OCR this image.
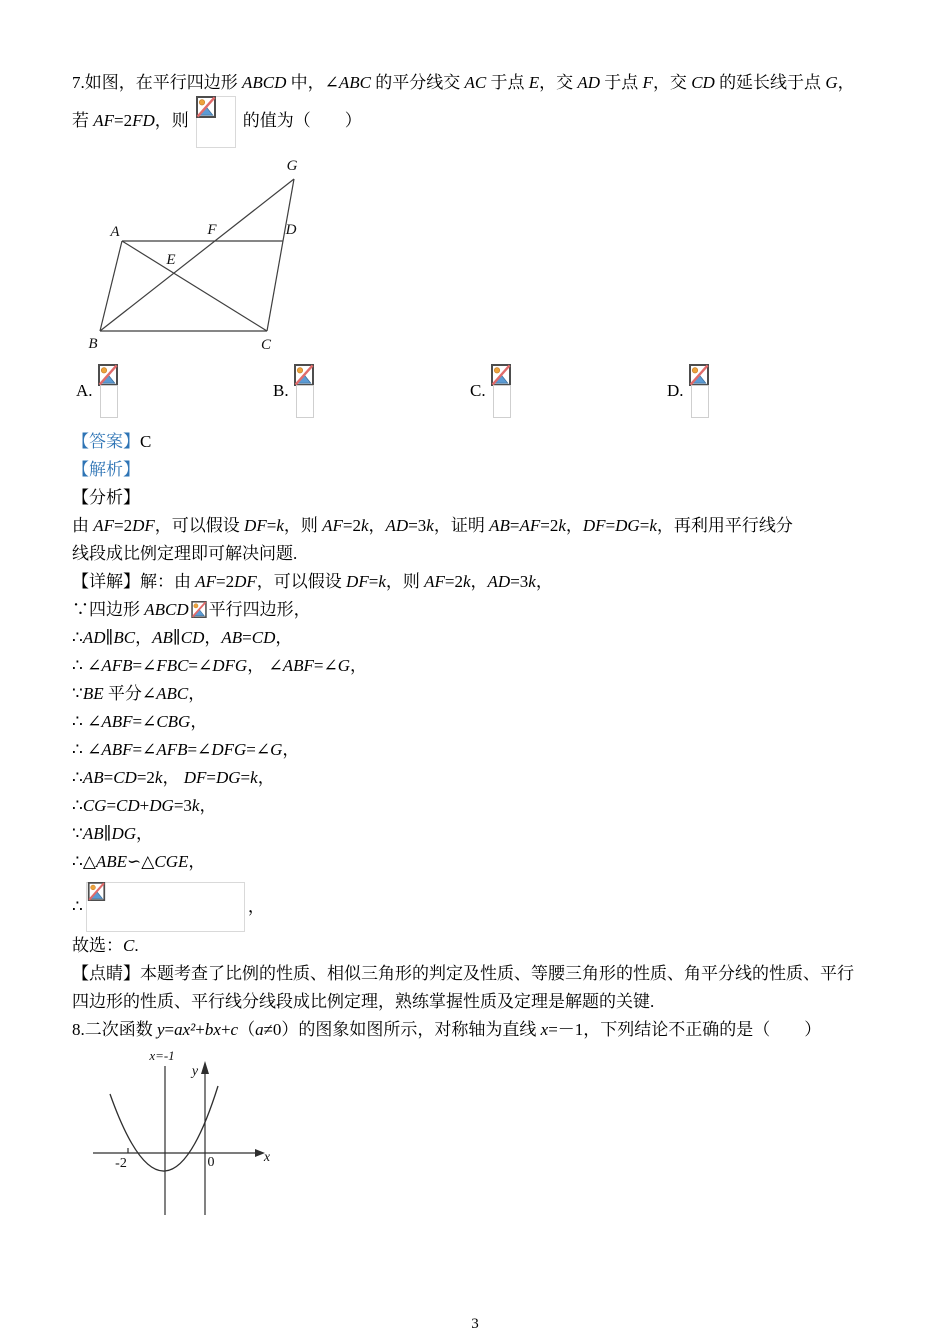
7.如图，在平行四边形 ABCD 中，∠ABC 的平分线交 AC 于点 E，交 AD 于点 F，交 CD 的延长线于点 G，

若 AF=2FD，则	的值为（　　）

A
B	C
D
E
F
G
A.	B.	C.	D.

【答案】C

【解析】

【分析】

由 AF=2DF，可以假设 DF=k，则 AF=2k，AD=3k，证明 AB=AF=2k，DF=DG=k，再利用平行线分

线段成比例定理即可解决问题.

【详解】解：由 AF=2DF，可以假设 DF=k，则 AF=2k，AD=3k，

∵四边形 ABCD 平行四边形，

∴AD∥BC，AB∥CD，AB=CD，

∴ ∠AFB=∠FBC=∠DFG， ∠ABF=∠G，

∵BE 平分∠ABC，

∴ ∠ABF=∠CBG，

∴ ∠ABF=∠AFB=∠DFG=∠G，

∴AB=CD=2k， DF=DG=k，

∴CG=CD+DG=3k，

∵AB∥DG，

∴△ABE∽△CGE，

∴	，

故选：C.

【点睛】本题考查了比例的性质、相似三角形的判定及性质、等腰三角形的性质、角平分线的性质、平行

四边形的性质、平行线分线段成比例定理，熟练掌握性质及定理是解题的关键.

8.二次函数 y=ax²+bx+c（a≠0）的图象如图所示，对称轴为直线 x=－1，下列结论不正确的是（　　）

x=-1
y
x
-2	0
3
